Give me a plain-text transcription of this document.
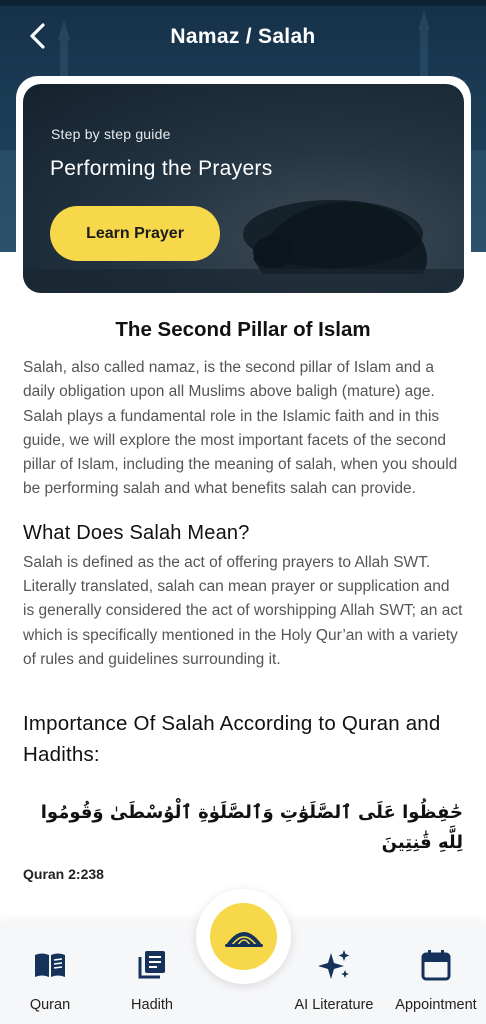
Namaz / Salah
Step by step guide
Performing the Prayers
Learn Prayer
The Second Pillar of Islam

Salah, also called namaz, is the second pillar of Islam and a daily obligation upon all Muslims above baligh (mature) age. Salah plays a fundamental role in the Islamic faith and in this guide, we will explore the most important facets of the second pillar of Islam, including the meaning of salah, when you should be performing salah and what benefits salah can provide.

What Does Salah Mean?

Salah is defined as the act of offering prayers to Allah SWT. Literally translated, salah can mean prayer or supplication and is generally considered the act of worshipping Allah SWT; an act which is specifically mentioned in the Holy Qur’an with a variety of rules and guidelines surrounding it.

Importance Of Salah According to Quran and Hadiths:
حَٰفِظُوا عَلَى ٱلصَّلَوَٰتِ وَٱلصَّلَوٰةِ ٱلْوُسْطَىٰ وَقُومُوا لِلَّهِ قَٰنِتِينَ
Quran 2:238
Quran	Hadith	AI Literature Appointment
